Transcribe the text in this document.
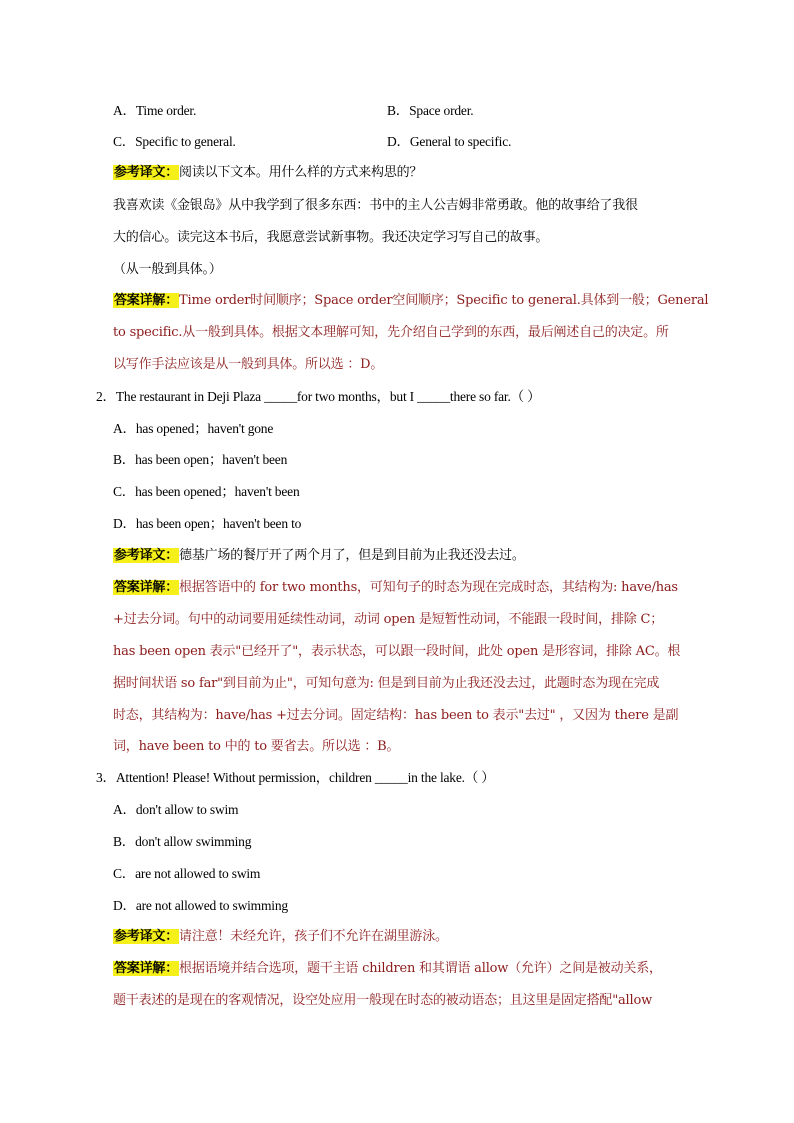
A．Time order.	B．Space order.
C．Specific to general.	D．General to specific.
参考译文：阅读以下文本。用什么样的方式来构思的？
我喜欢读《金银岛》从中我学到了很多东西：书中的主人公吉姆非常勇敢。他的故事给了我很
大的信心。读完这本书后，我愿意尝试新事物。我还决定学习写自己的故事。
（从一般到具体。）
答案详解：Time order时间顺序；Space order空间顺序；Specific to general.具体到一般；General
to specific.从一般到具体。根据文本理解可知，先介绍自己学到的东西，最后阐述自己的决定。所
以写作手法应该是从一般到具体。所以选 ：D。
2．The restaurant in Deji Plaza _____for two months，but I _____there so far.（ ）
A．has opened；haven't gone
B．has been open；haven't been
C．has been opened；haven't been
D．has been open；haven't been to
参考译文：德基广场的餐厅开了两个月了，但是到目前为止我还没去过。
答案详解：根据答语中的 for two months，可知句子的时态为现在完成时态，其结构为: have/has
+过去分词。句中的动词要用延续性动词，动词 open 是短暂性动词，不能跟一段时间，排除 C；
has been open 表示"已经开了"，表示状态，可以跟一段时间，此处 open 是形容词，排除 AC。根
据时间状语 so far"到目前为止"，可知句意为: 但是到目前为止我还没去过，此题时态为现在完成
时态，其结构为：have/has +过去分词。固定结构：has been to 表示"去过" ，又因为 there 是副
词，have been to 中的 to 要省去。所以选 ：B。
3．Attention! Please! Without permission，children _____in the lake.（ ）
A．don't allow to swim
B．don't allow swimming
C．are not allowed to swim
D．are not allowed to swimming
参考译文：请注意！未经允许，孩子们不允许在湖里游泳。
答案详解：根据语境并结合选项，题干主语 children 和其谓语 allow（允许）之间是被动关系，
题干表述的是现在的客观情况，设空处应用一般现在时态的被动语态；且这里是固定搭配"allow
